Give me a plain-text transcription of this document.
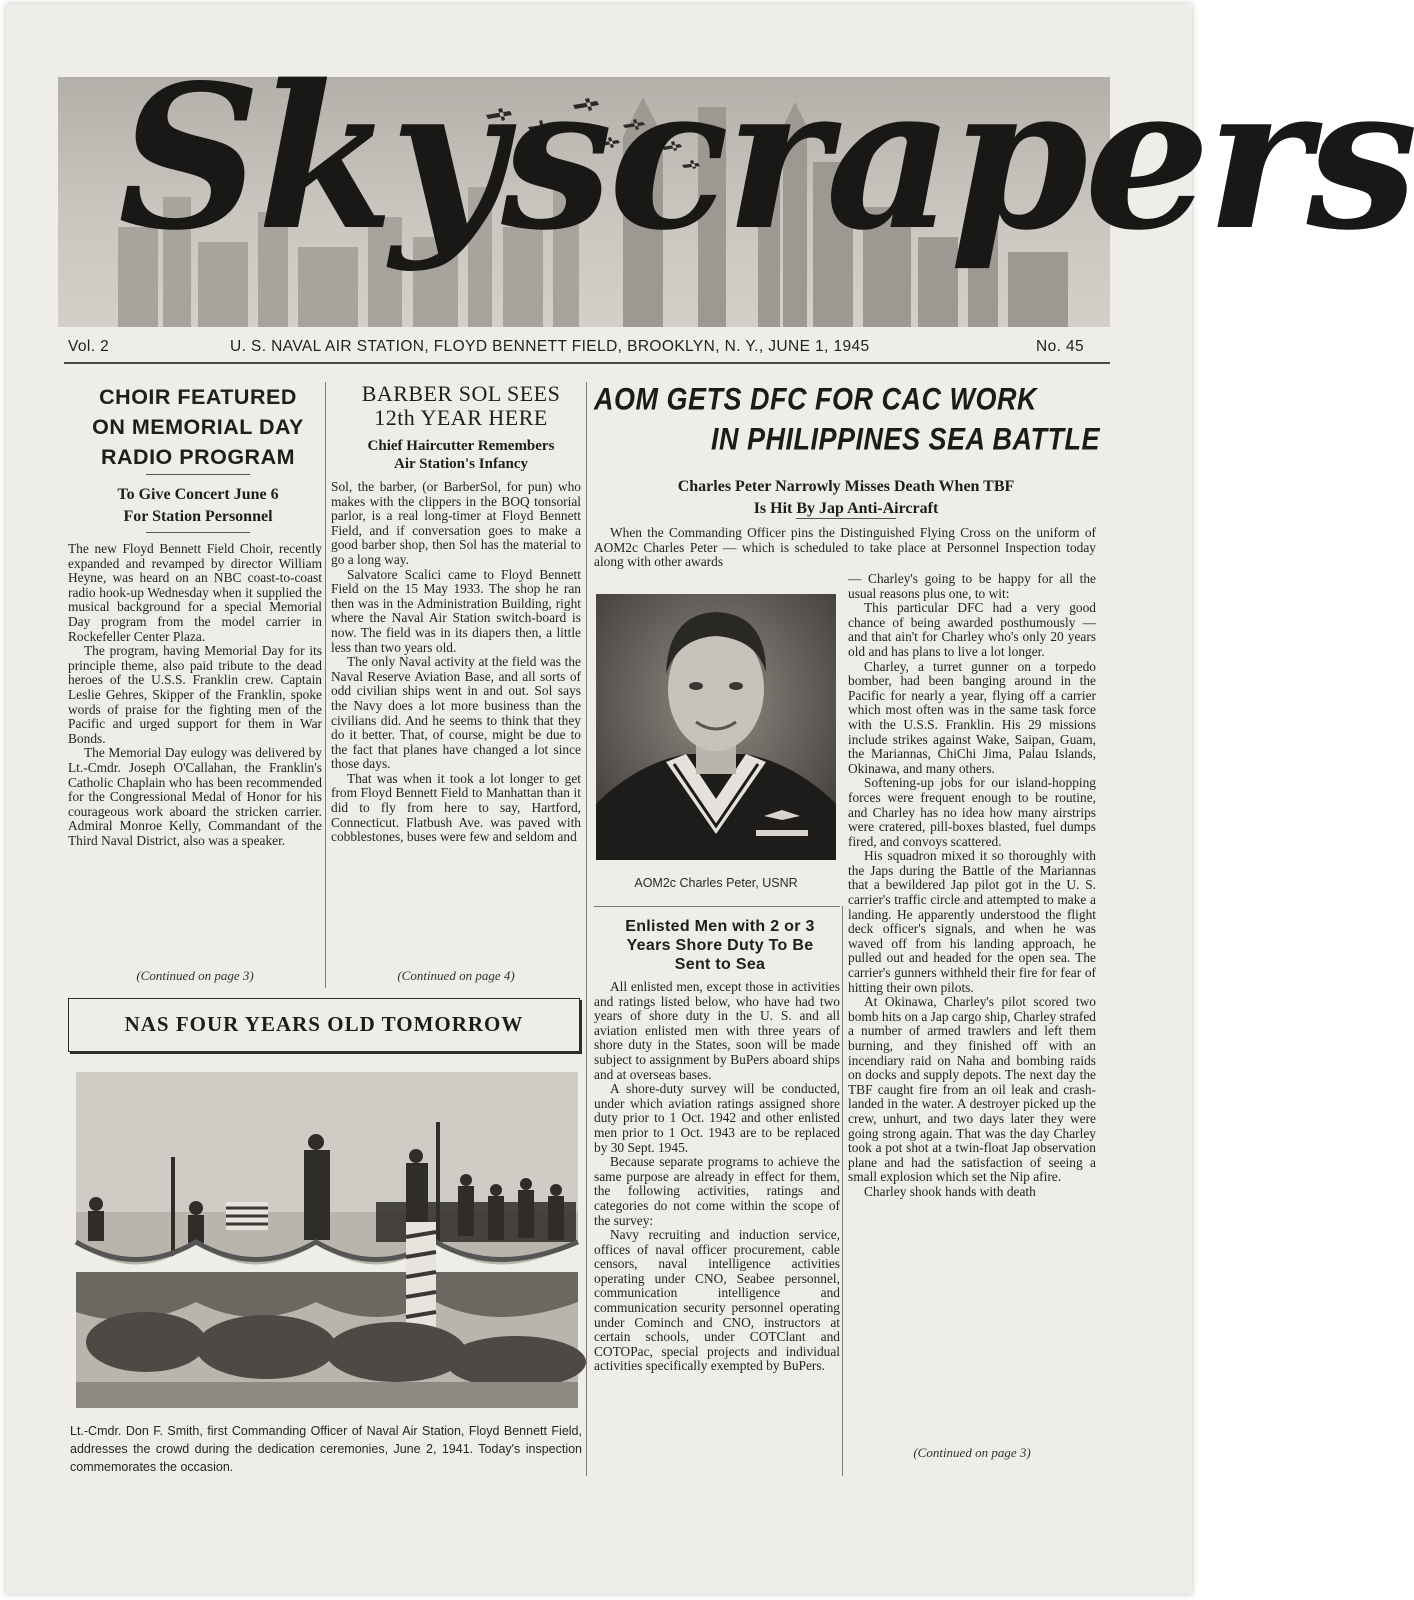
Skyscrapers
Vol. 2	U. S. NAVAL AIR STATION, FLOYD BENNETT FIELD, BROOKLYN, N. Y., JUNE 1, 1945	No. 45
CHOIR FEATURED
ON MEMORIAL DAY
RADIO PROGRAM
To Give Concert June 6
For Station Personnel

The new Floyd Bennett Field Choir, recently expanded and revamped by director William Heyne, was heard on an NBC coast-to-coast radio hook-up Wednesday when it supplied the musical background for a special Memorial Day program from the model carrier in Rockefeller Center Plaza.

The program, having Memorial Day for its principle theme, also paid tribute to the dead heroes of the U.S.S. Franklin crew. Captain Leslie Gehres, Skipper of the Franklin, spoke words of praise for the fighting men of the Pacific and urged support for them in War Bonds.

The Memorial Day eulogy was delivered by Lt.-Cmdr. Joseph O'Callahan, the Franklin's Catholic Chaplain who has been recommended for the Congressional Medal of Honor for his courageous work aboard the stricken carrier. Admiral Monroe Kelly, Commandant of the Third Naval District, also was a speaker.

(Continued on page 3)
BARBER SOL SEES
12th YEAR HERE
Chief Haircutter Remembers
Air Station's Infancy

Sol, the barber, (or BarberSol, for pun) who makes with the clippers in the BOQ tonsorial parlor, is a real long-timer at Floyd Bennett Field, and if conversation goes to make a good barber shop, then Sol has the material to go a long way.

Salvatore Scalici came to Floyd Bennett Field on the 15 May 1933. The shop he ran then was in the Administration Building, right where the Naval Air Station switch-board is now. The field was in its diapers then, a little less than two years old.

The only Naval activity at the field was the Naval Reserve Aviation Base, and all sorts of odd civilian ships went in and out. Sol says the Navy does a lot more business than the civilians did. And he seems to think that they do it better. That, of course, might be due to the fact that planes have changed a lot since those days.

That was when it took a lot longer to get from Floyd Bennett Field to Manhattan than it did to fly from here to say, Hartford, Connecticut. Flatbush Ave. was paved with cobblestones, buses were few and seldom and

(Continued on page 4)
AOM GETS DFC FOR CAC WORK
IN PHILIPPINES SEA BATTLE
Charles Peter Narrowly Misses Death When TBF
Is Hit By Jap Anti-Aircraft

When the Commanding Officer pins the Distinguished Flying Cross on the uniform of AOM2c Charles Peter — which is scheduled to take place at Personnel Inspection today along with other awards

— Charley's going to be happy for all the usual reasons plus one, to wit:

This particular DFC had a very good chance of being awarded posthumously — and that ain't for Charley who's only 20 years old and has plans to live a lot longer.

Charley, a turret gunner on a torpedo bomber, had been banging around in the Pacific for nearly a year, flying off a carrier which most often was in the same task force with the U.S.S. Franklin. His 29 missions include strikes against Wake, Saipan, Guam, the Mariannas, ChiChi Jima, Palau Islands, Okinawa, and many others.

Softening-up jobs for our island-hopping forces were frequent enough to be routine, and Charley has no idea how many airstrips were cratered, pill-boxes blasted, fuel dumps fired, and convoys scattered.

His squadron mixed it so thoroughly with the Japs during the Battle of the Mariannas that a bewildered Jap pilot got in the U. S. carrier's traffic circle and attempted to make a landing. He apparently understood the flight deck officer's signals, and when he was waved off from his landing approach, he pulled out and headed for the open sea. The carrier's gunners withheld their fire for fear of hitting their own pilots.

At Okinawa, Charley's pilot scored two bomb hits on a Jap cargo ship, Charley strafed a number of armed trawlers and left them burning, and they finished off with an incendiary raid on Naha and bombing raids on docks and supply depots. The next day the TBF caught fire from an oil leak and crash-landed in the water. A destroyer picked up the crew, unhurt, and two days later they were going strong again. That was the day Charley took a pot shot at a twin-float Jap observation plane and had the satisfaction of seeing a small explosion which set the Nip afire.

Charley shook hands with death

(Continued on page 3)
AOM2c Charles Peter, USNR
Enlisted Men with 2 or 3
Years Shore Duty To Be
Sent to Sea

All enlisted men, except those in activities and ratings listed below, who have had two years of shore duty in the U. S. and all aviation enlisted men with three years of shore duty in the States, soon will be made subject to assignment by BuPers aboard ships and at overseas bases.

A shore-duty survey will be conducted, under which aviation ratings assigned shore duty prior to 1 Oct. 1942 and other enlisted men prior to 1 Oct. 1943 are to be replaced by 30 Sept. 1945.

Because separate programs to achieve the same purpose are already in effect for them, the following activities, ratings and categories do not come within the scope of the survey:

Navy recruiting and induction service, offices of naval officer procurement, cable censors, naval intelligence activities operating under CNO, Seabee personnel, communication intelligence and communication security personnel operating under Cominch and CNO, instructors at certain schools, under COTClant and COTOPac, special projects and individual activities specifically exempted by BuPers.

NAS FOUR YEARS OLD TOMORROW
Lt.-Cmdr. Don F. Smith, first Commanding Officer of Naval Air Station, Floyd Bennett Field, addresses the crowd during the dedication ceremonies, June 2, 1941. Today's inspection commemorates the occasion.
